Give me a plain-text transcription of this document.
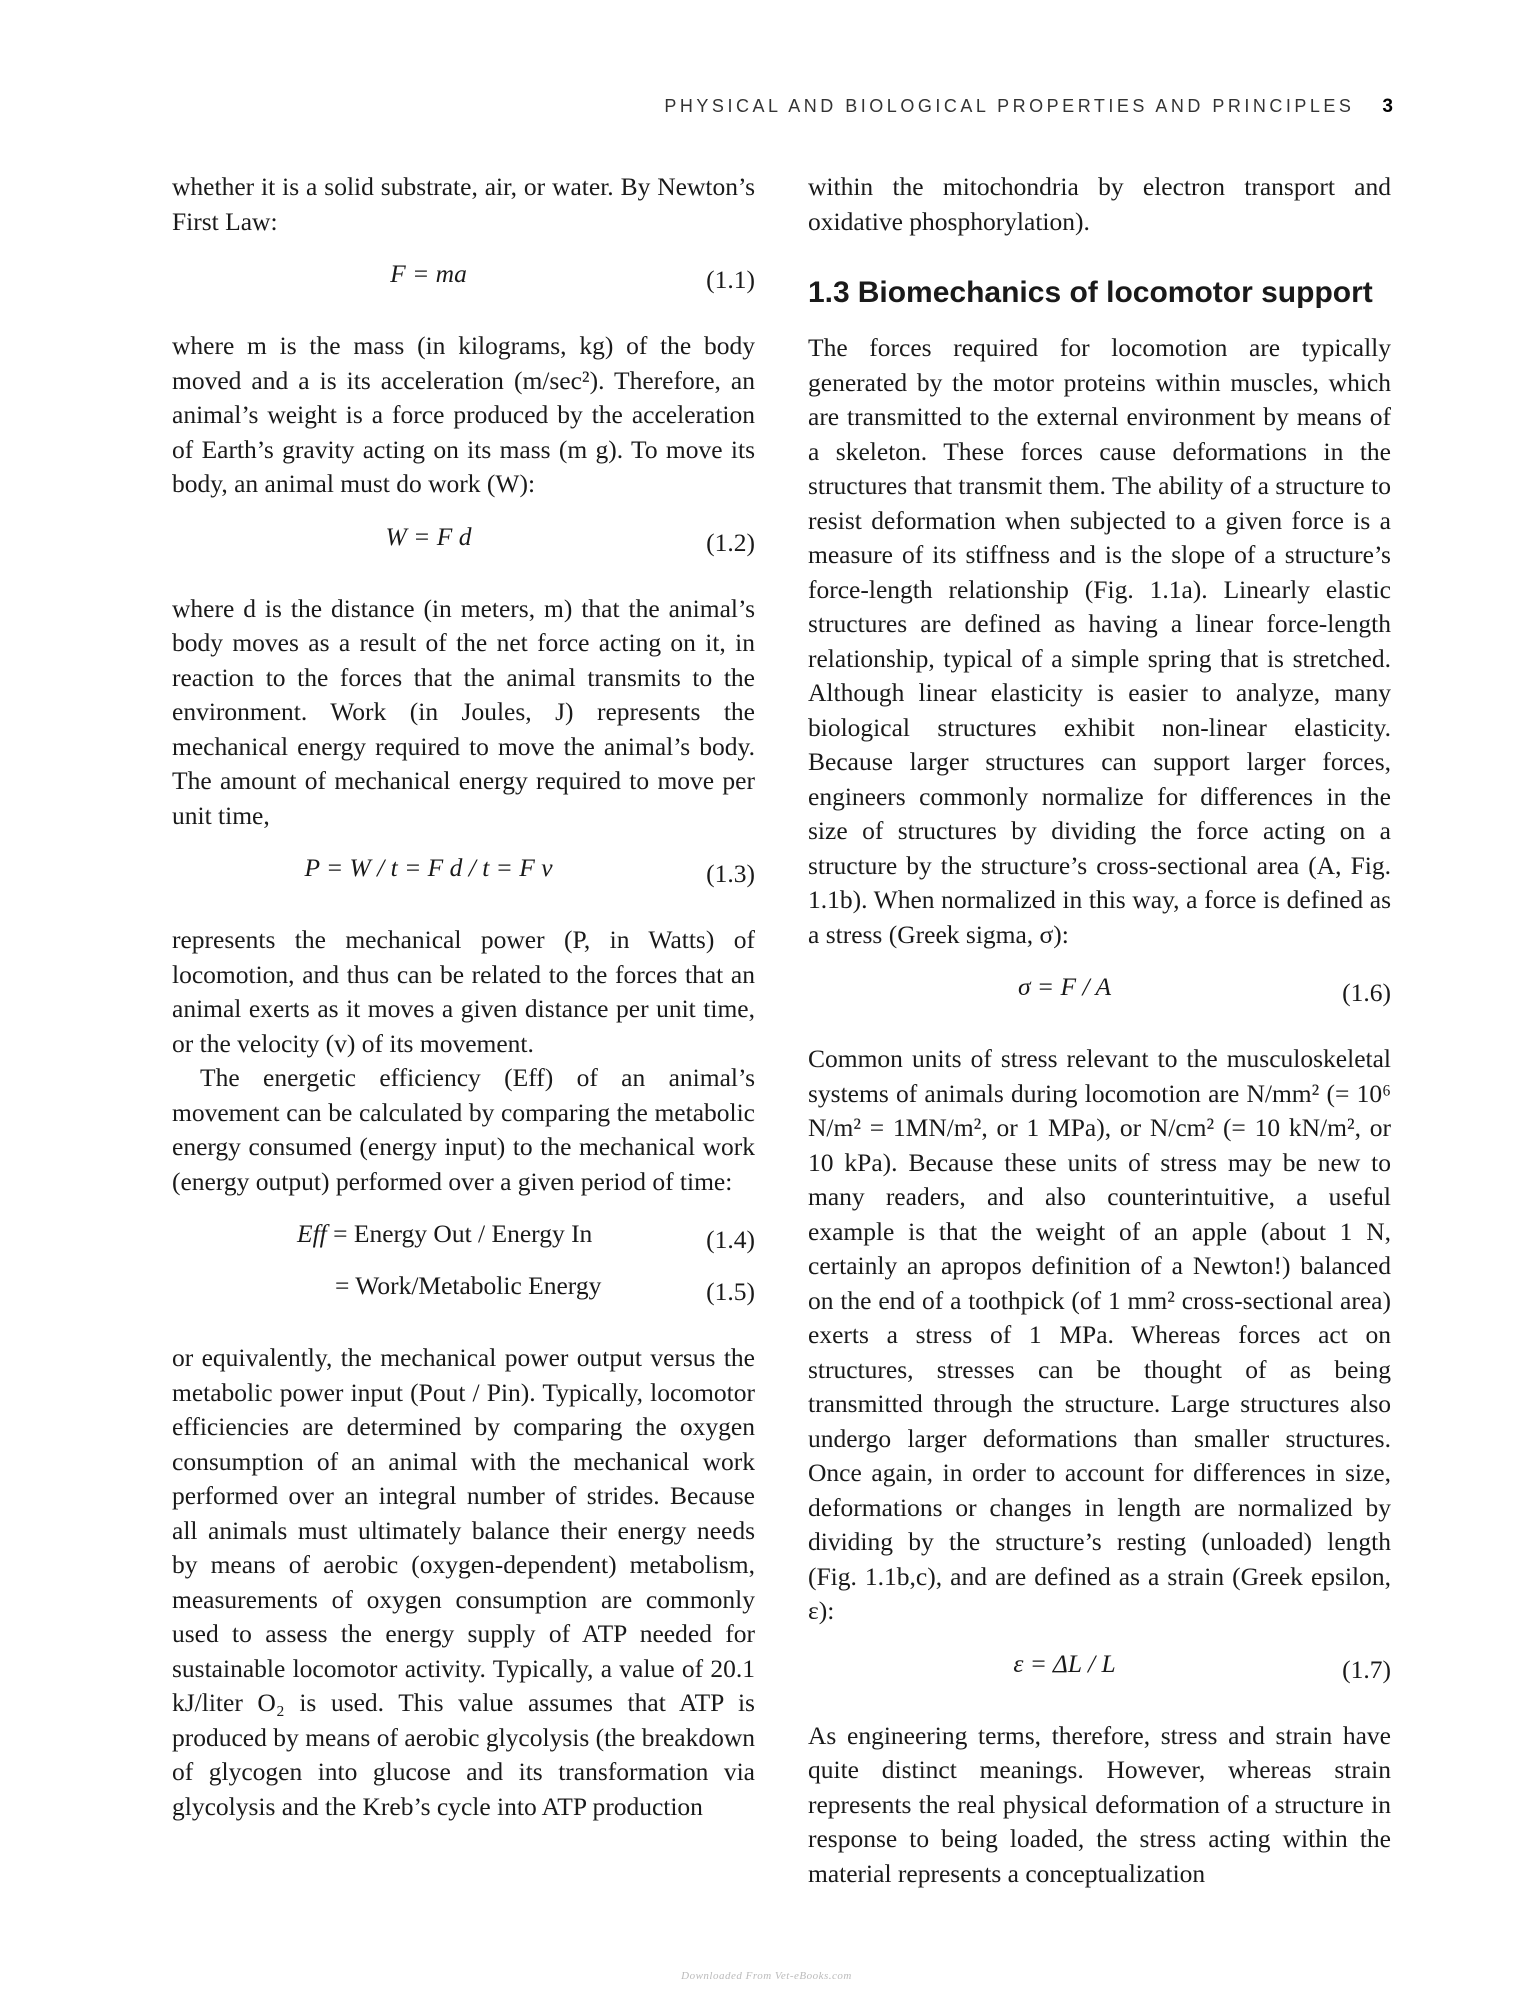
PHYSICAL AND BIOLOGICAL PROPERTIES AND PRINCIPLES 3

whether it is a solid substrate, air, or water. By Newton’s First Law:

F = ma	(1.1)

where m is the mass (in kilograms, kg) of the body moved and a is its acceleration (m/sec²). Therefore, an animal’s weight is a force produced by the acceleration of Earth’s gravity acting on its mass (m g). To move its body, an animal must do work (W):

W = F d	(1.2)

where d is the distance (in meters, m) that the animal’s body moves as a result of the net force acting on it, in reaction to the forces that the animal transmits to the environment. Work (in Joules, J) represents the mechanical energy required to move the animal’s body. The amount of mechanical energy required to move per unit time,

P = W / t = F d / t = F v	(1.3)

represents the mechanical power (P, in Watts) of locomotion, and thus can be related to the forces that an animal exerts as it moves a given distance per unit time, or the velocity (v) of its movement.

The energetic efficiency (Eff) of an animal’s movement can be calculated by comparing the metabolic energy consumed (energy input) to the mechanical work (energy output) performed over a given period of time:

Eff = Energy Out / Energy In	(1.4)
= Work/Metabolic Energy	(1.5)

or equivalently, the mechanical power output versus the metabolic power input (Pout / Pin). Typically, locomotor efficiencies are determined by comparing the oxygen consumption of an animal with the mechanical work performed over an integral number of strides. Because all animals must ultimately balance their energy needs by means of aerobic (oxygen-dependent) metabolism, measurements of oxygen consumption are commonly used to assess the energy supply of ATP needed for sustainable locomotor activity. Typically, a value of 20.1 kJ/liter O₂ is used. This value assumes that ATP is produced by means of aerobic glycolysis (the breakdown of glycogen into glucose and its transformation via glycolysis and the Kreb’s cycle into ATP production

within the mitochondria by electron transport and oxidative phosphorylation).

1.3 Biomechanics of locomotor support

The forces required for locomotion are typically generated by the motor proteins within muscles, which are transmitted to the external environment by means of a skeleton. These forces cause deformations in the structures that transmit them. The ability of a structure to resist deformation when subjected to a given force is a measure of its stiffness and is the slope of a structure’s force-length relationship (Fig. 1.1a). Linearly elastic structures are defined as having a linear force-length relationship, typical of a simple spring that is stretched. Although linear elasticity is easier to analyze, many biological structures exhibit non-linear elasticity. Because larger structures can support larger forces, engineers commonly normalize for differences in the size of structures by dividing the force acting on a structure by the structure’s cross-sectional area (A, Fig. 1.1b). When normalized in this way, a force is defined as a stress (Greek sigma, σ):

σ = F / A	(1.6)

Common units of stress relevant to the musculoskeletal systems of animals during locomotion are N/mm² (= 10⁶ N/m² = 1MN/m², or 1 MPa), or N/cm² (= 10 kN/m², or 10 kPa). Because these units of stress may be new to many readers, and also counterintuitive, a useful example is that the weight of an apple (about 1 N, certainly an apropos definition of a Newton!) balanced on the end of a toothpick (of 1 mm² cross-sectional area) exerts a stress of 1 MPa. Whereas forces act on structures, stresses can be thought of as being transmitted through the structure. Large structures also undergo larger deformations than smaller structures. Once again, in order to account for differences in size, deformations or changes in length are normalized by dividing by the structure’s resting (unloaded) length (Fig. 1.1b,c), and are defined as a strain (Greek epsilon, ε):

ε = ΔL / L	(1.7)

As engineering terms, therefore, stress and strain have quite distinct meanings. However, whereas strain represents the real physical deformation of a structure in response to being loaded, the stress acting within the material represents a conceptualization

Downloaded From Vet-eBooks.com
